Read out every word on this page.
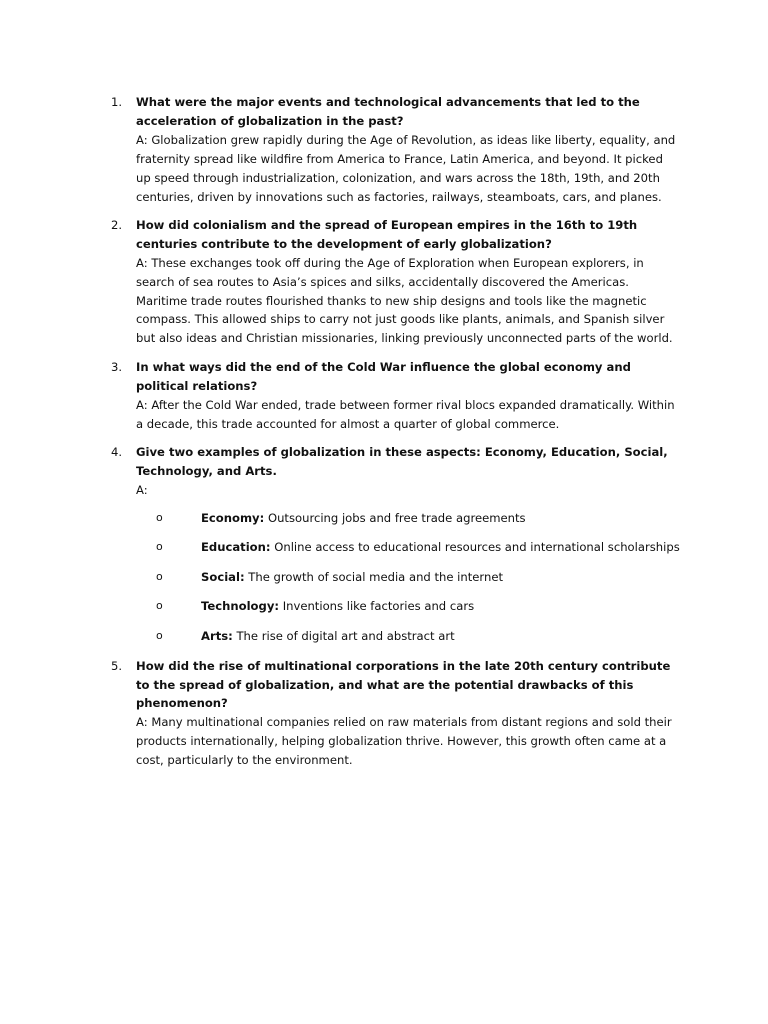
1. What were the major events and technological advancements that led to the acceleration of globalization in the past?
A: Globalization grew rapidly during the Age of Revolution, as ideas like liberty, equality, and fraternity spread like wildfire from America to France, Latin America, and beyond. It picked up speed through industrialization, colonization, and wars across the 18th, 19th, and 20th centuries, driven by innovations such as factories, railways, steamboats, cars, and planes.
2. How did colonialism and the spread of European empires in the 16th to 19th centuries contribute to the development of early globalization?
A: These exchanges took off during the Age of Exploration when European explorers, in search of sea routes to Asia’s spices and silks, accidentally discovered the Americas. Maritime trade routes flourished thanks to new ship designs and tools like the magnetic compass. This allowed ships to carry not just goods like plants, animals, and Spanish silver but also ideas and Christian missionaries, linking previously unconnected parts of the world.
3. In what ways did the end of the Cold War influence the global economy and political relations?
A: After the Cold War ended, trade between former rival blocs expanded dramatically. Within a decade, this trade accounted for almost a quarter of global commerce.
4. Give two examples of globalization in these aspects: Economy, Education, Social, Technology, and Arts.
A:
o	Economy: Outsourcing jobs and free trade agreements
o	Education: Online access to educational resources and international scholarships
o	Social: The growth of social media and the internet
o	Technology: Inventions like factories and cars
o	Arts: The rise of digital art and abstract art
5. How did the rise of multinational corporations in the late 20th century contribute to the spread of globalization, and what are the potential drawbacks of this phenomenon?
A: Many multinational companies relied on raw materials from distant regions and sold their products internationally, helping globalization thrive. However, this growth often came at a cost, particularly to the environment.
